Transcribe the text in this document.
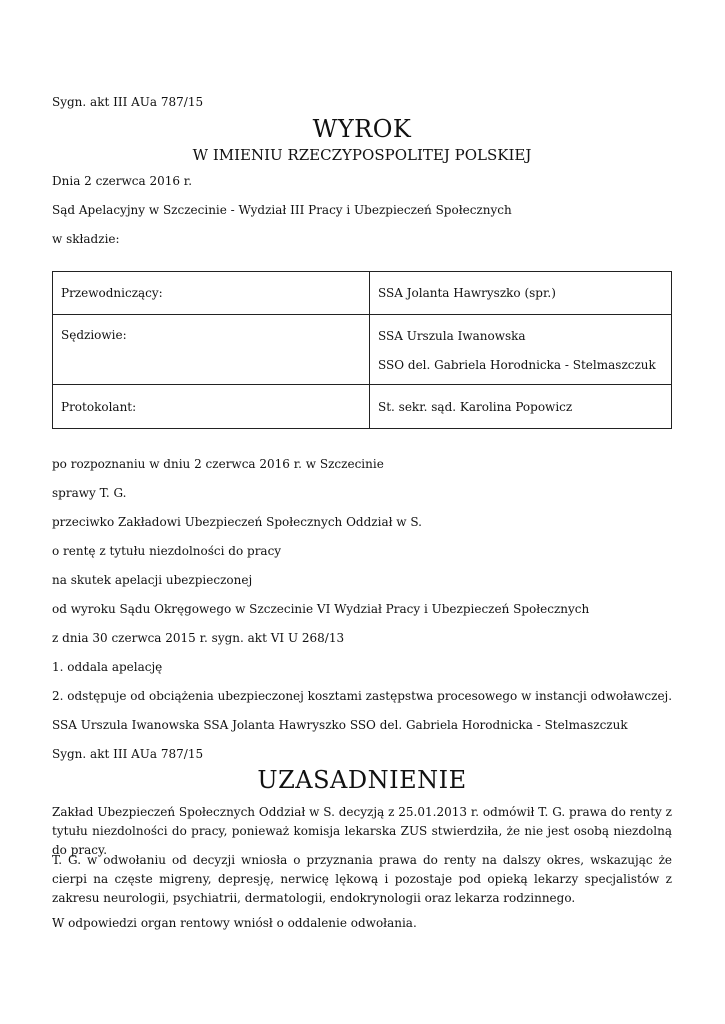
Sygn. akt III AUa 787/15
WYROK
W IMIENIU RZECZYPOSPOLITEJ POLSKIEJ
Dnia 2 czerwca 2016 r.
Sąd Apelacyjny w Szczecinie - Wydział III Pracy i Ubezpieczeń Społecznych
w składzie:
Przewodniczący:	SSA Jolanta Hawryszko (spr.)
Sędziowie:	SSA Urszula Iwanowska
SSO del. Gabriela Horodnicka - Stelmaszczuk

Protokolant:	St. sekr. sąd. Karolina Popowicz
po rozpoznaniu w dniu 2 czerwca 2016 r. w Szczecinie
sprawy T. G.
przeciwko Zakładowi Ubezpieczeń Społecznych Oddział w S.
o rentę z tytułu niezdolności do pracy
na skutek apelacji ubezpieczonej
od wyroku Sądu Okręgowego w Szczecinie VI Wydział Pracy i Ubezpieczeń Społecznych
z dnia 30 czerwca 2015 r. sygn. akt VI U 268/13
1. oddala apelację
2. odstępuje od obciążenia ubezpieczonej kosztami zastępstwa procesowego w instancji odwoławczej.
SSA Urszula Iwanowska SSA Jolanta Hawryszko SSO del. Gabriela Horodnicka - Stelmaszczuk
Sygn. akt III AUa 787/15
UZASADNIENIE
Zakład Ubezpieczeń Społecznych Oddział w S. decyzją z 25.01.2013 r. odmówił T. G. prawa do renty z tytułu niezdolności do pracy, ponieważ komisja lekarska ZUS stwierdziła, że nie jest osobą niezdolną do pracy.
T. G. w odwołaniu od decyzji wniosła o przyznania prawa do renty na dalszy okres, wskazując że cierpi na częste migreny, depresję, nerwicę lękową i pozostaje pod opieką lekarzy specjalistów z zakresu neurologii, psychiatrii, dermatologii, endokrynologii oraz lekarza rodzinnego.
W odpowiedzi organ rentowy wniósł o oddalenie odwołania.
